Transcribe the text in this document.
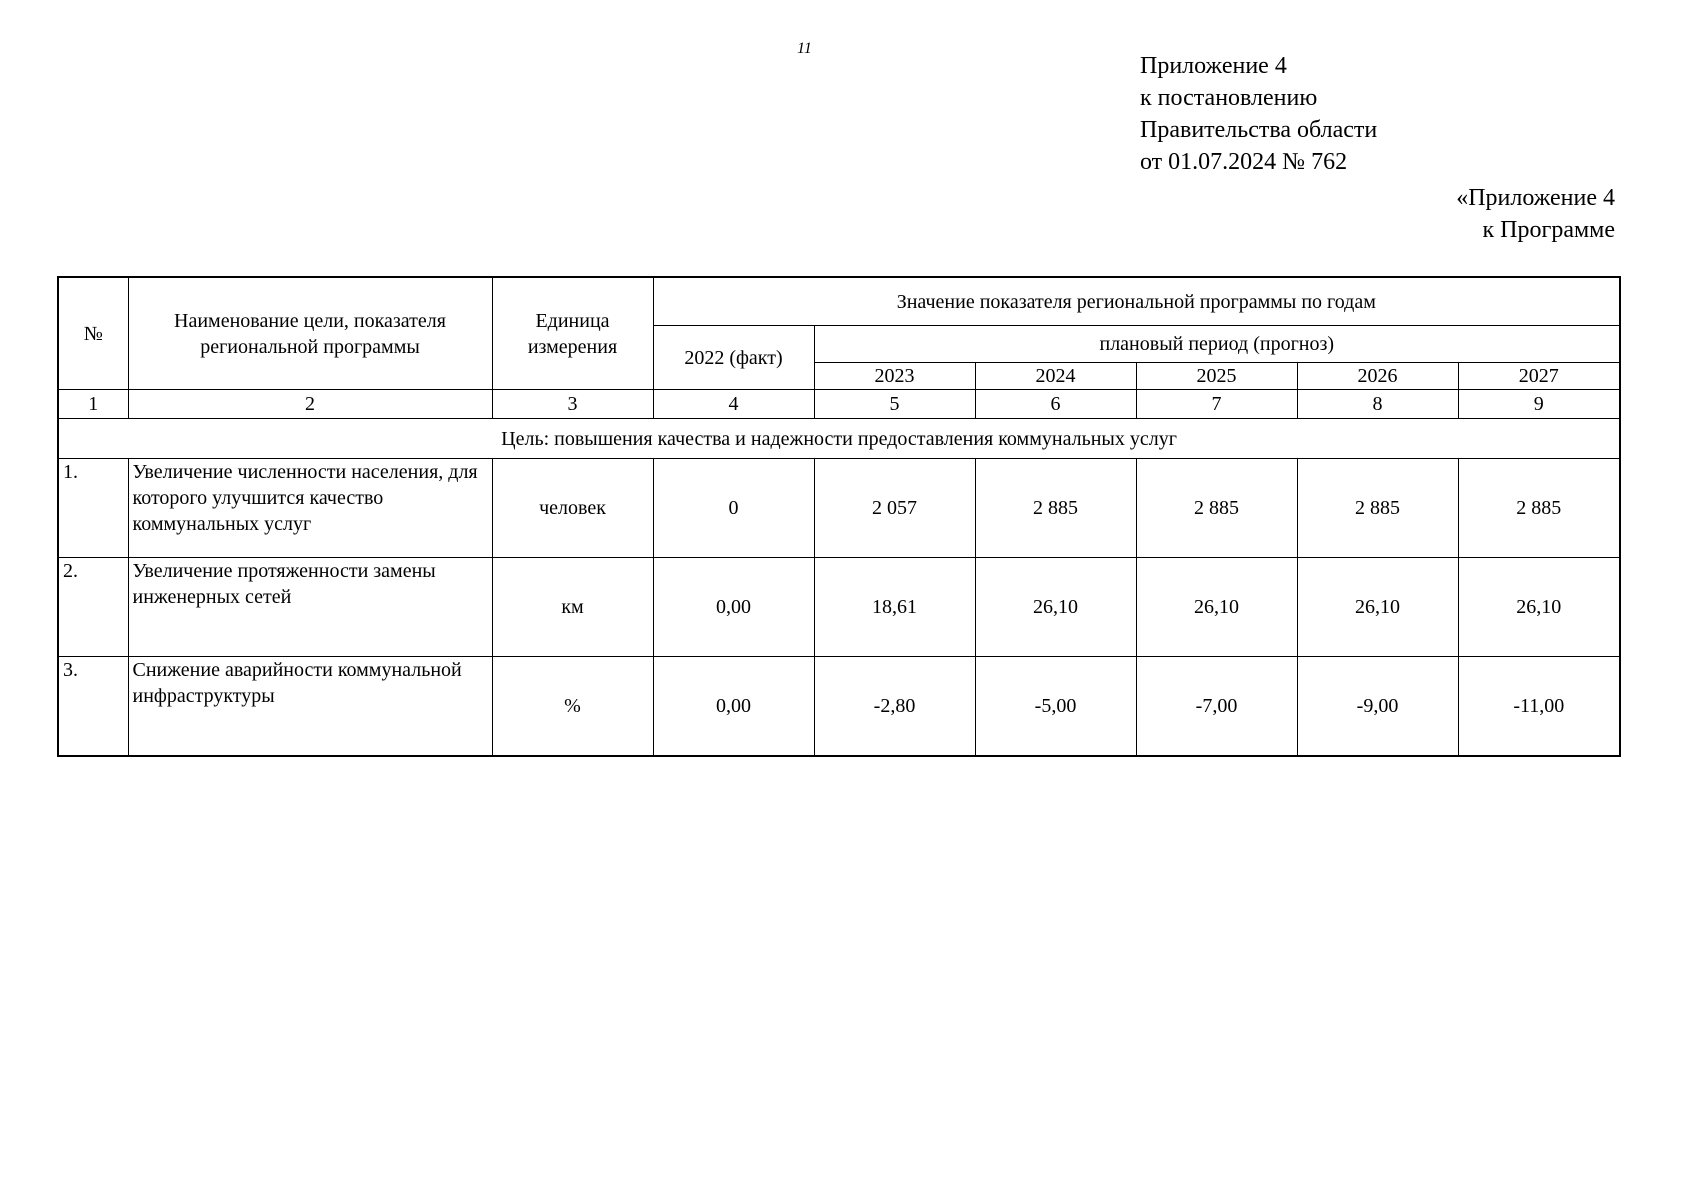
11
Приложение 4
к постановлению
Правительства области
от 01.07.2024 № 762
«Приложение 4
к Программе
№	Наименование цели, показателя региональной программы	Единица измерения	Значение показателя региональной программы по годам					
			2022 (факт)	плановый период (прогноз)				
				2023	2024	2025	2026	2027
1	2	3	4	5	6	7	8	9
Цель: повышения качества и надежности предоставления коммунальных услуг								
1.	Увеличение численности населения, для которого улучшится качество коммунальных услуг	человек	0	2 057	2 885	2 885	2 885	2 885
2.	Увеличение протяженности замены инженерных сетей	км	0,00	18,61	26,10	26,10	26,10	26,10
3.	Снижение аварийности коммунальной инфраструктуры	%	0,00	-2,80	-5,00	-7,00	-9,00	-11,00
